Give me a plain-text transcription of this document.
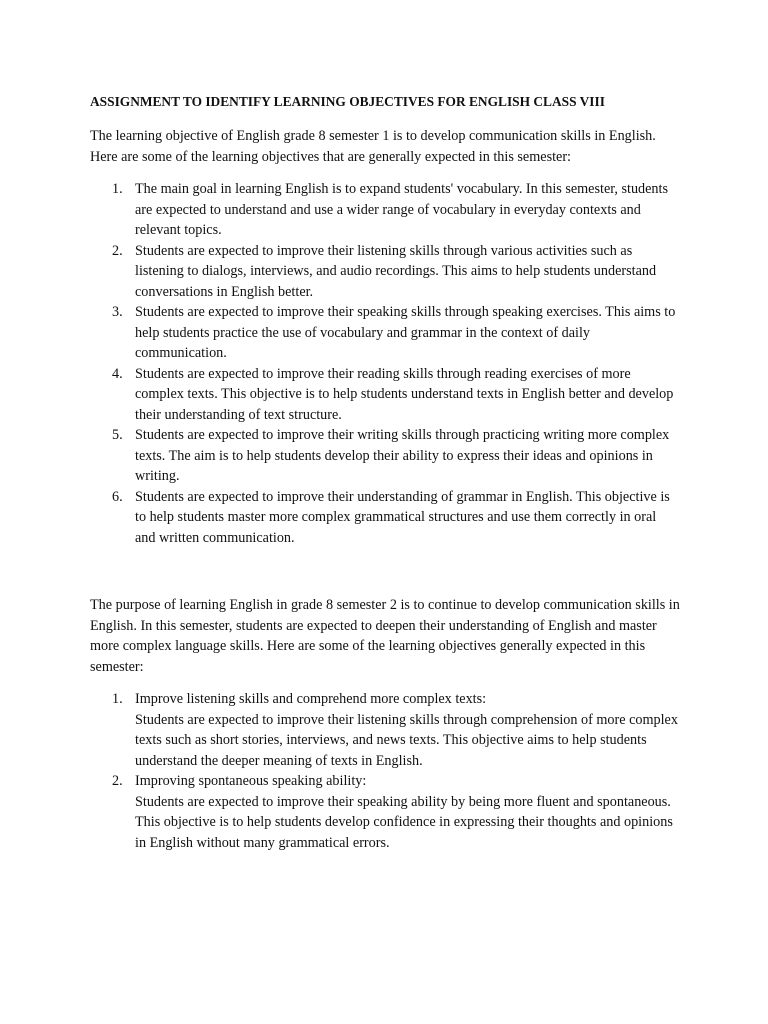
ASSIGNMENT TO IDENTIFY LEARNING OBJECTIVES FOR ENGLISH CLASS VIII

The learning objective of English grade 8 semester 1 is to develop communication skills in English. Here are some of the learning objectives that are generally expected in this semester:

1. The main goal in learning English is to expand students' vocabulary. In this semester, students are expected to understand and use a wider range of vocabulary in everyday contexts and relevant topics.
2. Students are expected to improve their listening skills through various activities such as listening to dialogs, interviews, and audio recordings. This aims to help students understand conversations in English better.
3. Students are expected to improve their speaking skills through speaking exercises. This aims to help students practice the use of vocabulary and grammar in the context of daily communication.
4. Students are expected to improve their reading skills through reading exercises of more complex texts. This objective is to help students understand texts in English better and develop their understanding of text structure.
5. Students are expected to improve their writing skills through practicing writing more complex texts. The aim is to help students develop their ability to express their ideas and opinions in writing.
6. Students are expected to improve their understanding of grammar in English. This objective is to help students master more complex grammatical structures and use them correctly in oral and written communication.

The purpose of learning English in grade 8 semester 2 is to continue to develop communication skills in English. In this semester, students are expected to deepen their understanding of English and master more complex language skills. Here are some of the learning objectives generally expected in this semester:

1. Improve listening skills and comprehend more complex texts:
Students are expected to improve their listening skills through comprehension of more complex texts such as short stories, interviews, and news texts. This objective aims to help students understand the deeper meaning of texts in English.
2. Improving spontaneous speaking ability:
Students are expected to improve their speaking ability by being more fluent and spontaneous. This objective is to help students develop confidence in expressing their thoughts and opinions in English without many grammatical errors.
